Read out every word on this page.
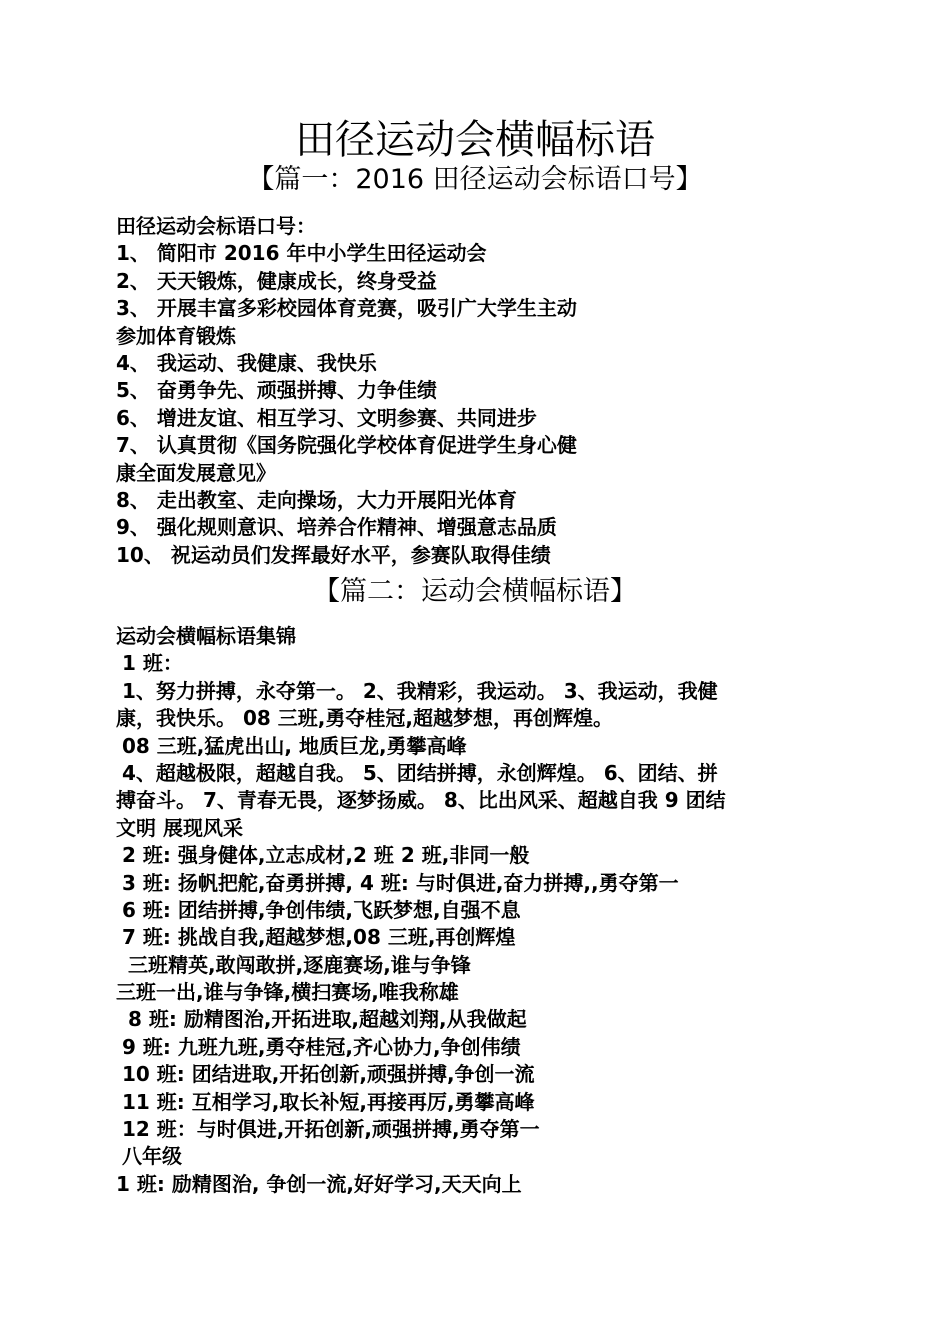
田径运动会横幅标语
【篇一：2016 田径运动会标语口号】
田径运动会标语口号：
1、 简阳市 2016 年中小学生田径运动会
2、 天天锻炼，健康成长，终身受益
3、 开展丰富多彩校园体育竞赛，吸引广大学生主动
参加体育锻炼
4、 我运动、我健康、我快乐
5、 奋勇争先、顽强拼搏、力争佳绩
6、 增进友谊、相互学习、文明参赛、共同进步
7、 认真贯彻《国务院强化学校体育促进学生身心健
康全面发展意见》
8、 走出教室、走向操场，大力开展阳光体育
9、 强化规则意识、培养合作精神、增强意志品质
10、 祝运动员们发挥最好水平，参赛队取得佳绩
【篇二：运动会横幅标语】
运动会横幅标语集锦
1 班：
1、努力拼搏，永夺第一。 2、我精彩，我运动。 3、我运动，我健
康，我快乐。 08 三班,勇夺桂冠,超越梦想，再创辉煌。
08 三班,猛虎出山, 地质巨龙,勇攀高峰
4、超越极限，超越自我。 5、团结拼搏，永创辉煌。 6、团结、拼
搏奋斗。 7、青春无畏，逐梦扬威。 8、比出风采、超越自我 9 团结
文明 展现风采
2 班: 强身健体,立志成材,2 班 2 班,非同一般
3 班: 扬帆把舵,奋勇拼搏, 4 班: 与时俱进,奋力拼搏,,勇夺第一
6 班: 团结拼搏,争创伟绩,飞跃梦想,自强不息
7 班: 挑战自我,超越梦想,08 三班,再创辉煌
三班精英,敢闯敢拼,逐鹿赛场,谁与争锋
三班一出,谁与争锋,横扫赛场,唯我称雄
8 班: 励精图治,开拓进取,超越刘翔,从我做起
9 班: 九班九班,勇夺桂冠,齐心协力,争创伟绩
10 班: 团结进取,开拓创新,顽强拼搏,争创一流
11 班: 互相学习,取长补短,再接再厉,勇攀高峰
12 班：与时俱进,开拓创新,顽强拼搏,勇夺第一
八年级
1 班: 励精图治, 争创一流,好好学习,天天向上
